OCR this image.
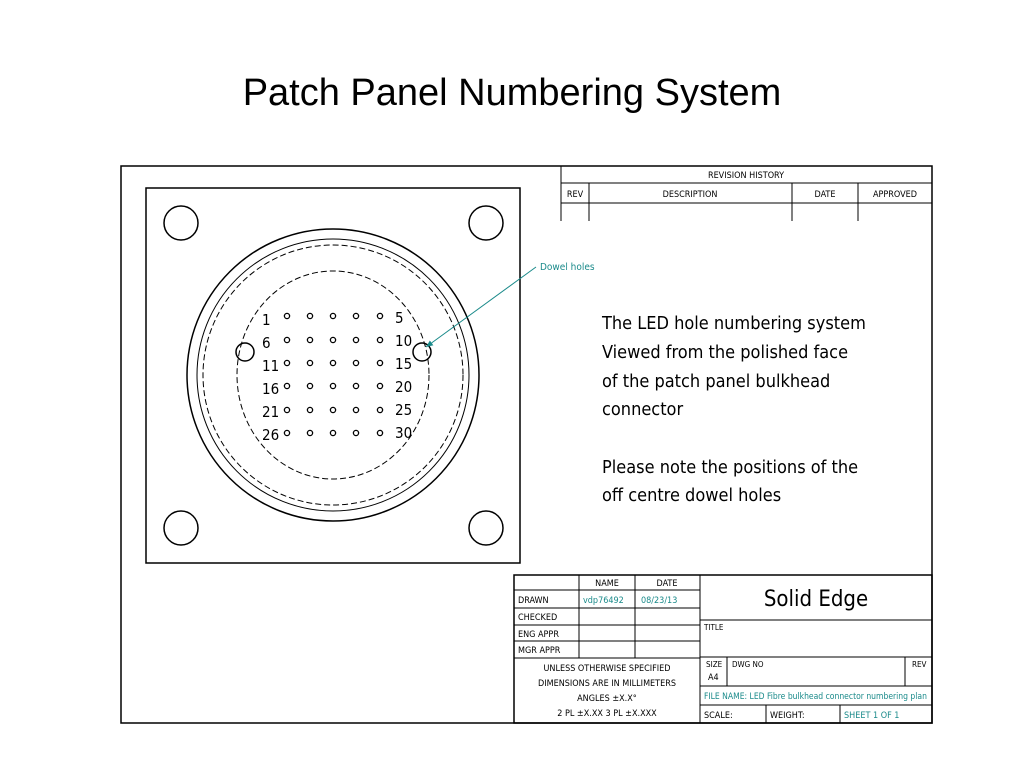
Patch Panel Numbering System
REVISION HISTORY
REV	DESCRIPTION	DATE	APPROVED
1
6
11
16
21
26
5
10
15
20
25
30
Dowel holes
The LED hole numbering system
Viewed from the polished face
of the patch panel bulkhead
connector
Please note the positions of the
off centre dowel holes
NAME	DATE
DRAWN	vdp76492 08/23/13
CHECKED
ENG APPR
MGR APPR
UNLESS OTHERWISE SPECIFIED
DIMENSIONS ARE IN MILLIMETERS
ANGLES ±X.X°
2 PL ±X.XX 3 PL ±X.XXX
Solid Edge
TITLE
SIZE
A4
DWG NO	REV
FILE NAME: LED Fibre bulkhead connector numbering plan
SCALE:	WEIGHT:	SHEET 1 OF 1
